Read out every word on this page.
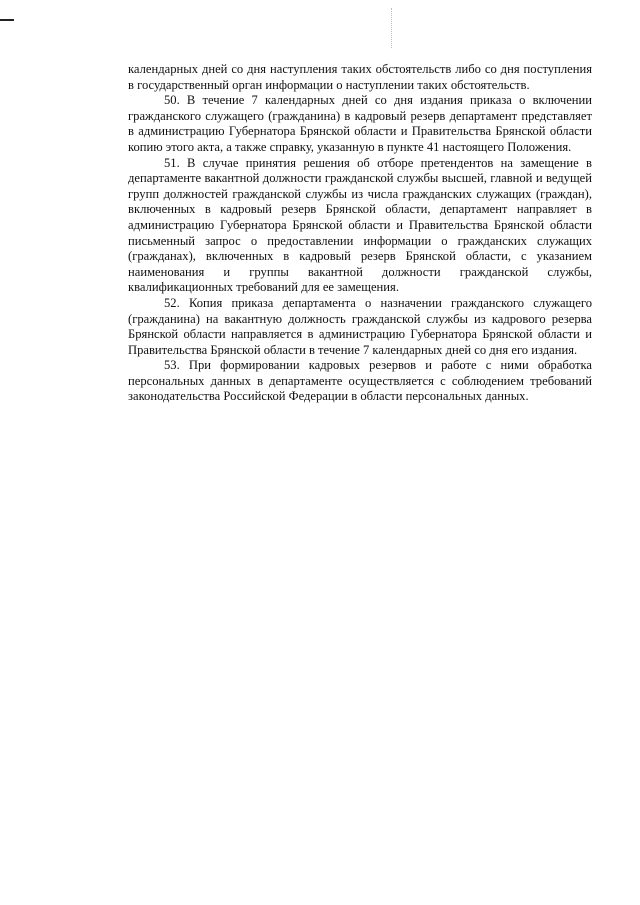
календарных дней со дня наступления таких обстоятельств либо со дня поступления в государственный орган информации о наступлении таких обстоятельств.

50. В течение 7 календарных дней со дня издания приказа о включении гражданского служащего (гражданина) в кадровый резерв департамент представляет в администрацию Губернатора Брянской области и Правительства Брянской области копию этого акта, а также справку, указанную в пункте 41 настоящего Положения.

51. В случае принятия решения об отборе претендентов на замещение в департаменте вакантной должности гражданской службы высшей, главной и ведущей групп должностей гражданской службы из числа гражданских служащих (граждан), включенных в кадровый резерв Брянской области, департамент направляет в администрацию Губернатора Брянской области и Правительства Брянской области письменный запрос о предоставлении информации о гражданских служащих (гражданах), включенных в кадровый резерв Брянской области, с указанием наименования и группы вакантной должности гражданской службы, квалификационных требований для ее замещения.

52. Копия приказа департамента о назначении гражданского служащего (гражданина) на вакантную должность гражданской службы из кадрового резерва Брянской области направляется в администрацию Губернатора Брянской области и Правительства Брянской области в течение 7 календарных дней со дня его издания.

53. При формировании кадровых резервов и работе с ними обработка персональных данных в департаменте осуществляется с соблюдением требований законодательства Российской Федерации в области персональных данных.
